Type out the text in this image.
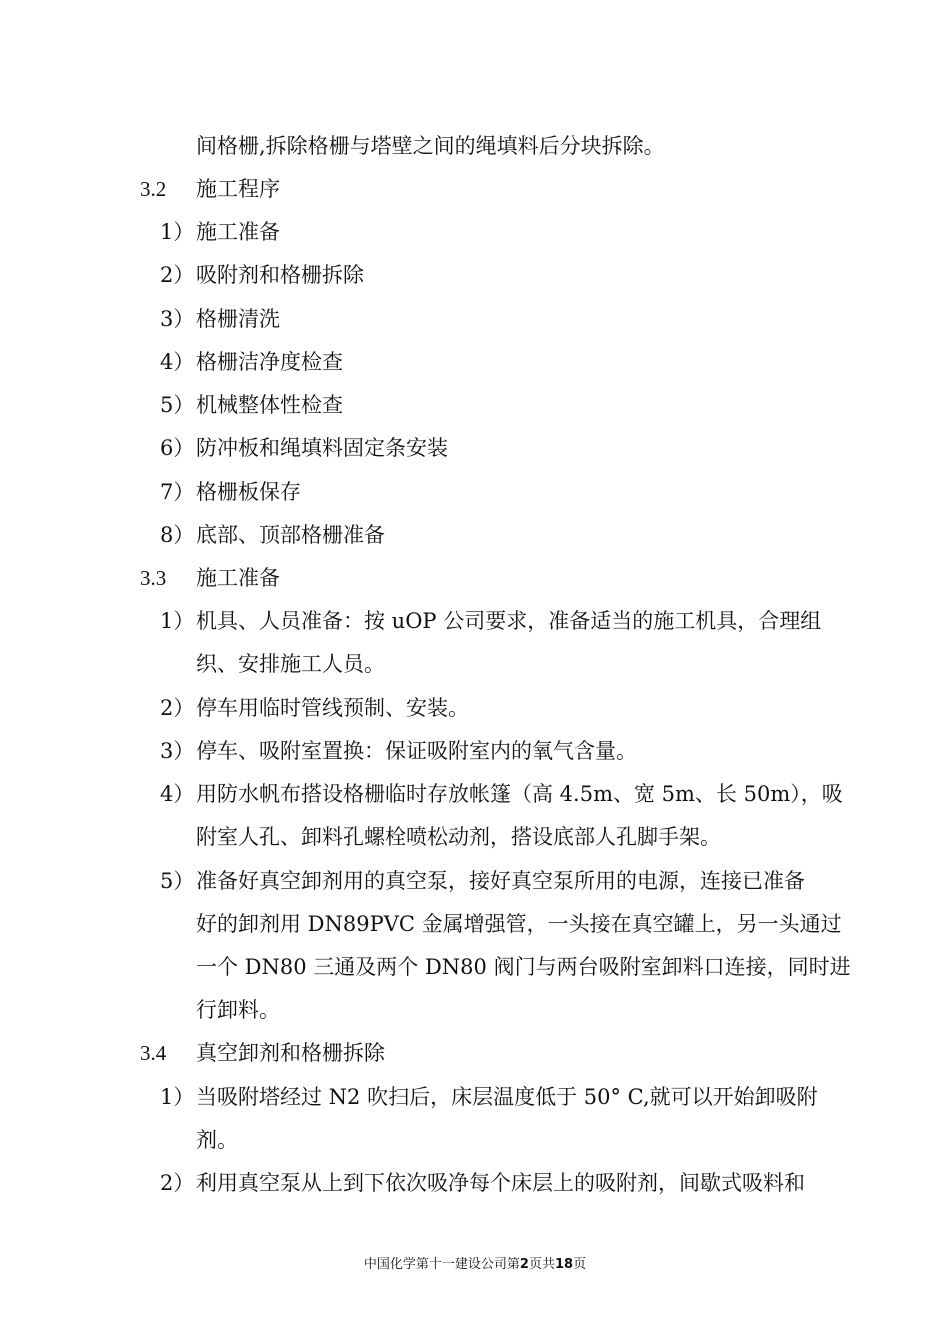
间格栅,拆除格栅与塔壁之间的绳填料后分块拆除。
3.2 施工程序
1） 施工准备
2） 吸附剂和格栅拆除
3） 格栅清洗
4） 格栅洁净度检查
5） 机械整体性检查
6） 防冲板和绳填料固定条安装
7） 格栅板保存
8） 底部、顶部格栅准备
3.3 施工准备
1） 机具、人员准备：按 uOP 公司要求，准备适当的施工机具，合理组
织、安排施工人员。
2） 停车用临时管线预制、安装。
3） 停车、吸附室置换：保证吸附室内的氧气含量。
4） 用防水帆布搭设格栅临时存放帐篷（高 4.5m、宽 5m、长 50m），吸
附室人孔、卸料孔螺栓喷松动剂，搭设底部人孔脚手架。
5） 准备好真空卸剂用的真空泵，接好真空泵所用的电源，连接已准备
好的卸剂用 DN89PVC 金属增强管，一头接在真空罐上，另一头通过
一个 DN80 三通及两个 DN80 阀门与两台吸附室卸料口连接，同时进
行卸料。
3.4 真空卸剂和格栅拆除
1） 当吸附塔经过 N2 吹扫后，床层温度低于 50° C,就可以开始卸吸附
剂。
2） 利用真空泵从上到下依次吸净每个床层上的吸附剂，间歇式吸料和
中国化学第十一建设公司第2页共18页
